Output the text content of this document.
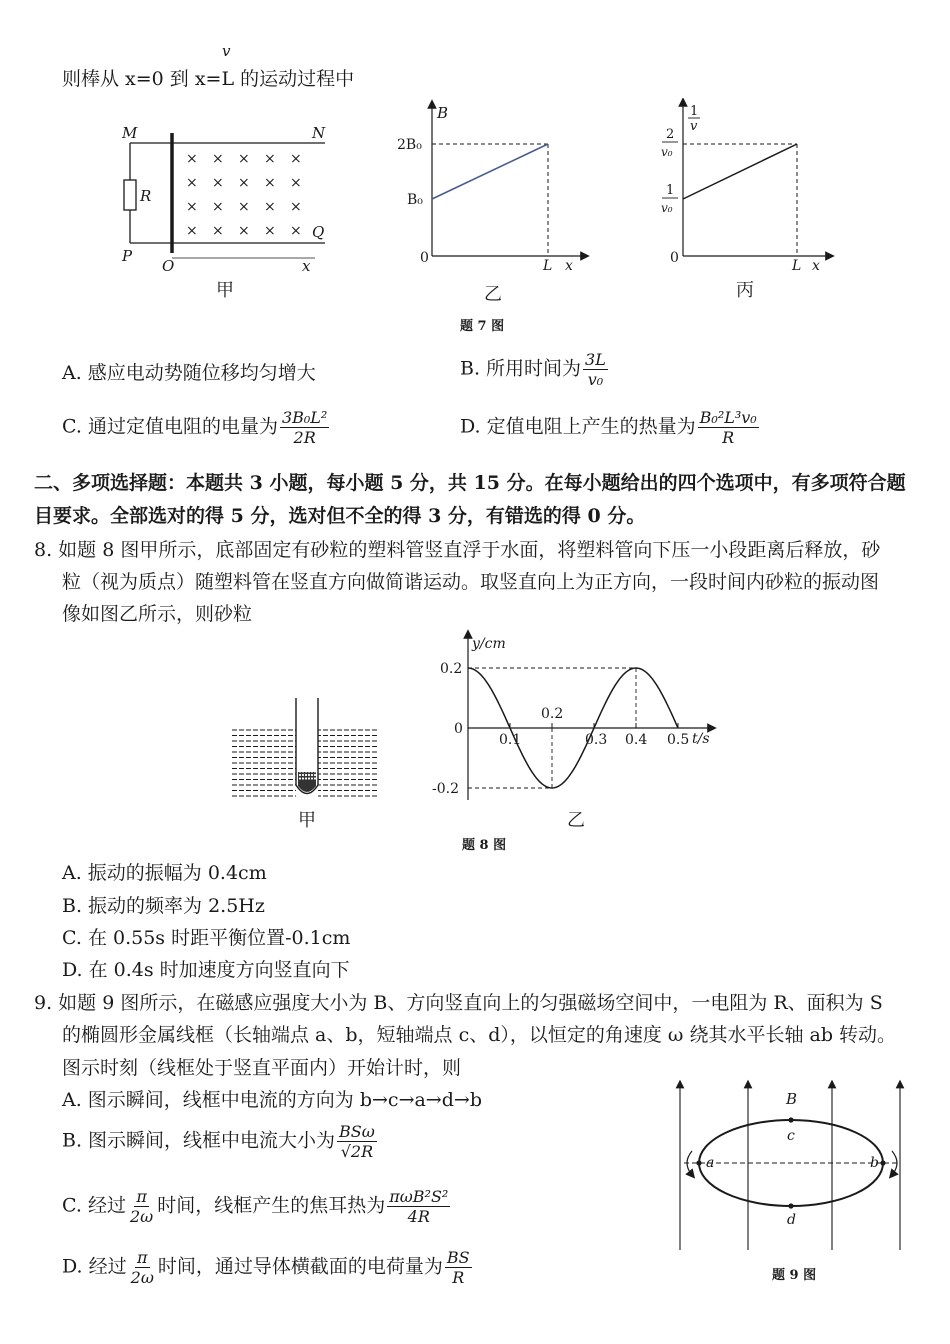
v
则棒从 x=0 到 x=L 的运动过程中
× × × × ×
× × × × ×
× × × × ×
× × × × ×
M	N
P
Q
R
O	x
甲
B
x
0
2B₀
B₀
L
乙
1
v
x
0
2
v₀
1
v₀
L
丙
题 7 图
A. 感应电动势随位移均匀增大	B. 所用时间为 $\frac{3L}{\text{v₀}}$
C. 通过定值电阻的电量为 $\frac{\text{3B₀L²}}{2R}$	D. 定值电阻上产生的热量为 $\frac{\text{B₀²L³v₀}}{R}$
二、多项选择题：本题共 3 小题，每小题 5 分，共 15 分。在每小题给出的四个选项中，有多项符合题
目要求。全部选对的得 5 分，选对但不全的得 3 分，有错选的得 0 分。
8. 如题 8 图甲所示，底部固定有砂粒的塑料管竖直浮于水面，将塑料管向下压一小段距离后释放，砂
粒（视为质点）随塑料管在竖直方向做简谐运动。取竖直向上为正方向，一段时间内砂粒的振动图
像如图乙所示，则砂粒
甲
y/cm
t/s
0.2
0
-0.2
0.1
0.2
0.3 0.4 0.5
乙
题 8 图
A. 振动的振幅为 0.4cm
B. 振动的频率为 2.5Hz
C. 在 0.55s 时距平衡位置-0.1cm
D. 在 0.4s 时加速度方向竖直向下
9. 如题 9 图所示，在磁感应强度大小为 B、方向竖直向上的匀强磁场空间中，一电阻为 R、面积为 S
的椭圆形金属线框（长轴端点 a、b，短轴端点 c、d），以恒定的角速度 ω 绕其水平长轴 ab 转动。
图示时刻（线框处于竖直平面内）开始计时，则
A. 图示瞬间，线框中电流的方向为 b→c→a→d→b
B. 图示瞬间，线框中电流大小为 $\frac{\text{BSω}}{√2R}$
C. 经过 $\frac{\pi}{2\omega}$ 时间，线框产生的焦耳热为 $\frac{\text{πωB²S²}}{4R}$
D. 经过 $\frac{\pi}{2\omega}$ 时间，通过导体横截面的电荷量为 $\frac{BS}{R}$
B
a	b
c
d
题 9 图
